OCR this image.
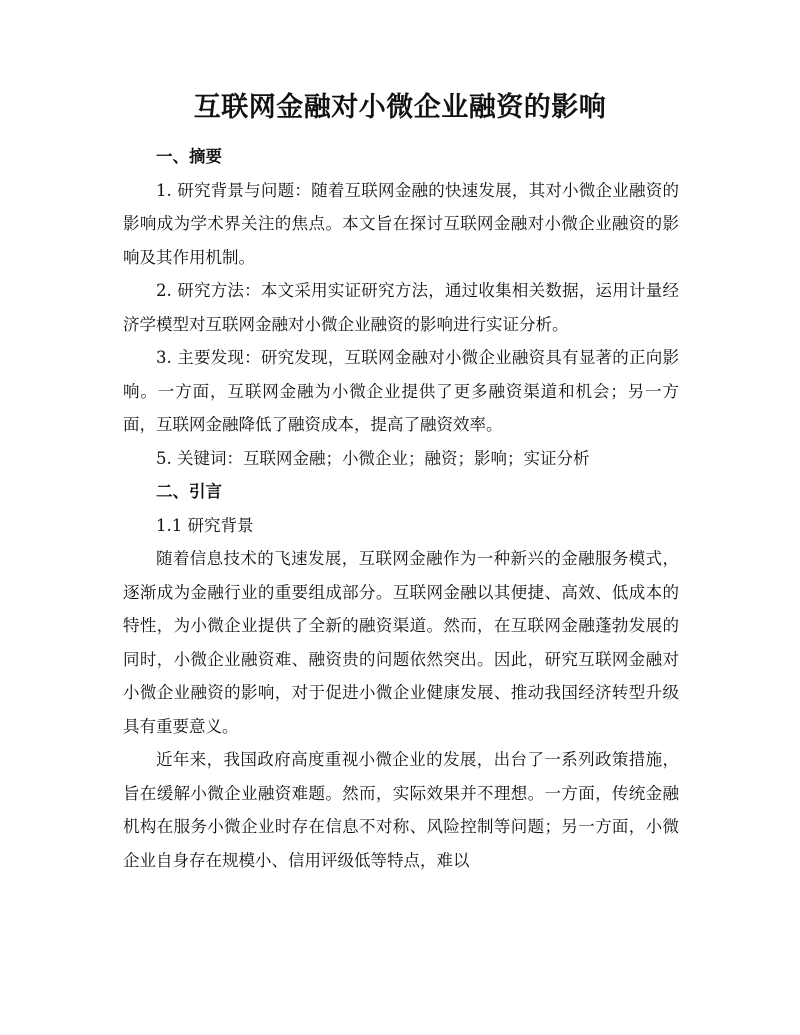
互联网金融对小微企业融资的影响
一、摘要

1. 研究背景与问题：随着互联网金融的快速发展，其对小微企业融资的影响成为学术界关注的焦点。本文旨在探讨互联网金融对小微企业融资的影响及其作用机制。

2. 研究方法：本文采用实证研究方法，通过收集相关数据，运用计量经济学模型对互联网金融对小微企业融资的影响进行实证分析。

3. 主要发现：研究发现，互联网金融对小微企业融资具有显著的正向影响。一方面，互联网金融为小微企业提供了更多融资渠道和机会；另一方面，互联网金融降低了融资成本，提高了融资效率。

5. 关键词：互联网金融；小微企业；融资；影响；实证分析

二、引言

1.1 研究背景

随着信息技术的飞速发展，互联网金融作为一种新兴的金融服务模式，逐渐成为金融行业的重要组成部分。互联网金融以其便捷、高效、低成本的特性，为小微企业提供了全新的融资渠道。然而，在互联网金融蓬勃发展的同时，小微企业融资难、融资贵的问题依然突出。因此，研究互联网金融对小微企业融资的影响，对于促进小微企业健康发展、推动我国经济转型升级具有重要意义。

近年来，我国政府高度重视小微企业的发展，出台了一系列政策措施，旨在缓解小微企业融资难题。然而，实际效果并不理想。一方面，传统金融机构在服务小微企业时存在信息不对称、风险控制等问题；另一方面，小微企业自身存在规模小、信用评级低等特点，难以
